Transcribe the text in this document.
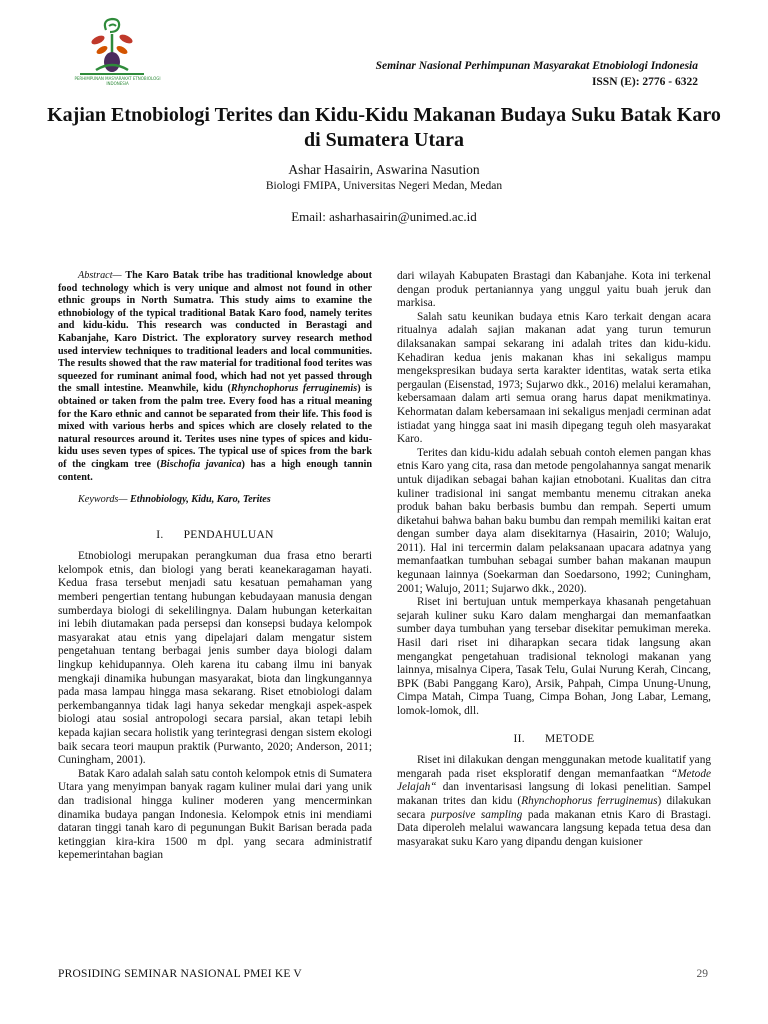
PERHIMPUNAN MASYARAKAT ETNOBIOLOGI INDONESIA
Seminar Nasional Perhimpunan Masyarakat Etnobiologi Indonesia
ISSN (E): 2776 - 6322
Kajian Etnobiologi Terites dan Kidu-Kidu Makanan Budaya Suku Batak Karo di Sumatera Utara
Ashar Hasairin, Aswarina Nasution
Biologi FMIPA, Universitas Negeri Medan, Medan
Email: asharhasairin@unimed.ac.id

Abstract— The Karo Batak tribe has traditional knowledge about food technology which is very unique and almost not found in other ethnic groups in North Sumatra. This study aims to examine the ethnobiology of the typical traditional Batak Karo food, namely terites and kidu-kidu. This research was conducted in Berastagi and Kabanjahe, Karo District. The exploratory survey research method used interview techniques to traditional leaders and local communities. The results showed that the raw material for traditional food terites was squeezed for ruminant animal food, which had not yet passed through the small intestine. Meanwhile, kidu (Rhynchophorus ferruginemis) is obtained or taken from the palm tree. Every food has a ritual meaning for the Karo ethnic and cannot be separated from their life. This food is mixed with various herbs and spices which are closely related to the natural resources around it. Terites uses nine types of spices and kidu-kidu uses seven types of spices. The typical use of spices from the bark of the cingkam tree (Bischofia javanica) has a high enough tannin content.

Keywords— Ethnobiology, Kidu, Karo, Terites

I. PENDAHULUAN

Etnobiologi merupakan perangkuman dua frasa etno berarti kelompok etnis, dan biologi yang berati keanekaragaman hayati. Kedua frasa tersebut menjadi satu kesatuan pemahaman yang memberi pengertian tentang hubungan kebudayaan manusia dengan sumberdaya biologi di sekelilingnya. Dalam hubungan keterkaitan ini lebih diutamakan pada persepsi dan konsepsi budaya kelompok masyarakat atau etnis yang dipelajari dalam mengatur sistem pengetahuan tentang berbagai jenis sumber daya biologi dalam lingkup kehidupannya. Oleh karena itu cabang ilmu ini banyak mengkaji dinamika hubungan masyarakat, biota dan lingkungannya pada masa lampau hingga masa sekarang. Riset etnobiologi dalam perkembangannya tidak lagi hanya sekedar mengkaji aspek-aspek biologi atau sosial antropologi secara parsial, akan tetapi lebih kepada kajian secara holistik yang terintegrasi dengan sistem ekologi baik secara teori maupun praktik (Purwanto, 2020; Anderson, 2011; Cuningham, 2001).

Batak Karo adalah salah satu contoh kelompok etnis di Sumatera Utara yang menyimpan banyak ragam kuliner mulai dari yang unik dan tradisional hingga kuliner moderen yang mencerminkan dinamika budaya pangan Indonesia. Kelompok etnis ini mendiami dataran tinggi tanah karo di pegunungan Bukit Barisan berada pada ketinggian kira-kira 1500 m dpl. yang secara administratif kepemerintahan bagian

dari wilayah Kabupaten Brastagi dan Kabanjahe. Kota ini terkenal dengan produk pertaniannya yang unggul yaitu buah jeruk dan markisa.

Salah satu keunikan budaya etnis Karo terkait dengan acara ritualnya adalah sajian makanan adat yang turun temurun dilaksanakan sampai sekarang ini adalah trites dan kidu-kidu. Kehadiran kedua jenis makanan khas ini sekaligus mampu mengekspresikan budaya serta karakter identitas, watak serta etika pergaulan (Eisenstad, 1973; Sujarwo dkk., 2016) melalui keramahan, kebersamaan dalam arti semua orang harus dapat menikmatinya. Kehormatan dalam kebersamaan ini sekaligus menjadi cerminan adat istiadat yang hingga saat ini masih dipegang teguh oleh masyarakat Karo.

Terites dan kidu-kidu adalah sebuah contoh elemen pangan khas etnis Karo yang cita, rasa dan metode pengolahannya sangat menarik untuk dijadikan sebagai bahan kajian etnobotani. Kualitas dan citra kuliner tradisional ini sangat membantu menemu citrakan aneka produk bahan baku berbasis bumbu dan rempah. Seperti umum diketahui bahwa bahan baku bumbu dan rempah memiliki kaitan erat dengan sumber daya alam disekitarnya (Hasairin, 2010; Walujo, 2011). Hal ini tercermin dalam pelaksanaan upacara adatnya yang memanfaatkan tumbuhan sebagai sumber bahan makanan maupun kegunaan lainnya (Soekarman dan Soedarsono, 1992; Cuningham, 2001; Walujo, 2011; Sujarwo dkk., 2020).

Riset ini bertujuan untuk memperkaya khasanah pengetahuan sejarah kuliner suku Karo dalam menghargai dan memanfaatkan sumber daya tumbuhan yang tersebar disekitar pemukiman mereka. Hasil dari riset ini diharapkan secara tidak langsung akan mengangkat pengetahuan tradisional teknologi makanan yang lainnya, misalnya Cipera, Tasak Telu, Gulai Nurung Kerah, Cincang, BPK (Babi Panggang Karo), Arsik, Pahpah, Cimpa Unung-Unung, Cimpa Matah, Cimpa Tuang, Cimpa Bohan, Jong Labar, Lemang, lomok-lomok, dll.

II. METODE

Riset ini dilakukan dengan menggunakan metode kualitatif yang mengarah pada riset eksploratif dengan memanfaatkan “Metode Jelajah“ dan inventarisasi langsung di lokasi penelitian. Sampel makanan trites dan kidu (Rhynchophorus ferruginemus) dilakukan secara purposive sampling pada makanan etnis Karo di Brastagi. Data diperoleh melalui wawancara langsung kepada tetua desa dan masyarakat suku Karo yang dipandu dengan kuisioner

PROSIDING SEMINAR NASIONAL PMEI KE V	29
